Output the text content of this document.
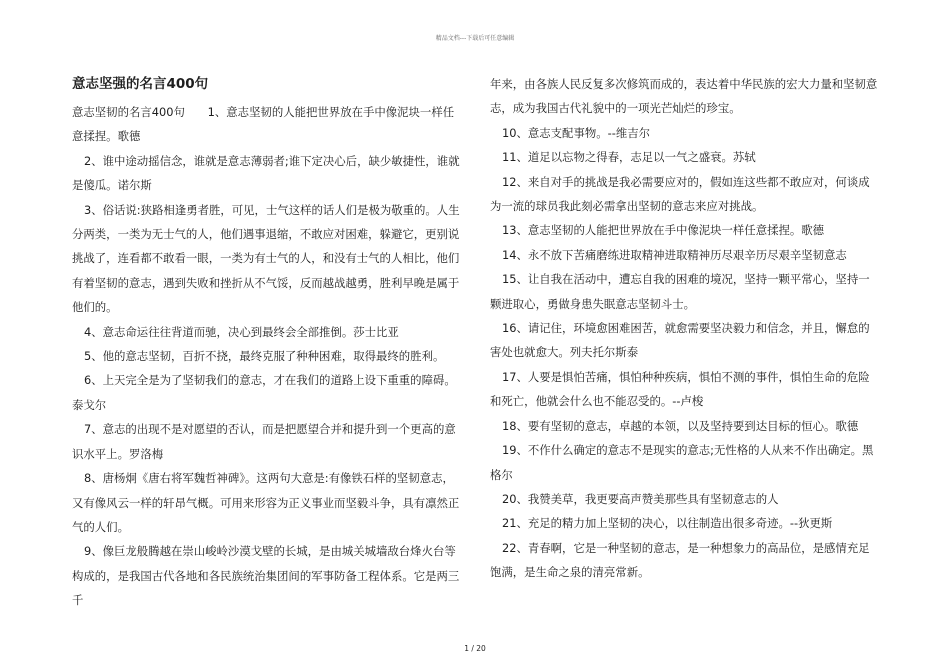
精品文档---下载后可任意编辑
意志坚强的名言400句

意志坚韧的名言400句　　1、意志坚韧的人能把世界放在手中像泥块一样任意揉捏。歌德

2、谁中途动摇信念，谁就是意志薄弱者;谁下定决心后，缺少敏捷性，谁就是傻瓜。诺尔斯

3、俗话说:狭路相逢勇者胜，可见，士气这样的话人们是极为敬重的。人生分两类，一类为无士气的人，他们遇事退缩，不敢应对困难，躲避它，更别说挑战了，连看都不敢看一眼，一类为有士气的人，和没有士气的人相比，他们有着坚韧的意志，遇到失败和挫折从不气馁，反而越战越勇，胜利早晚是属于他们的。

4、意志命运往往背道而驰，决心到最终会全部推倒。莎士比亚

5、他的意志坚韧，百折不挠，最终克服了种种困难，取得最终的胜利。

6、上天完全是为了坚韧我们的意志，才在我们的道路上设下重重的障碍。泰戈尔

7、意志的出现不是对愿望的否认，而是把愿望合并和提升到一个更高的意识水平上。罗洛梅

8、唐杨炯《唐右将军魏哲神碑》。这两句大意是:有像铁石样的坚韧意志，又有像风云一样的轩昂气概。可用来形容为正义事业而坚毅斗争，具有凛然正气的人们。

9、像巨龙般腾越在崇山峻岭沙漠戈壁的长城，是由城关城墙敌台烽火台等构成的，是我国古代各地和各民族统治集团间的军事防备工程体系。它是两三千

年来，由各族人民反复多次修筑而成的，表达着中华民族的宏大力量和坚韧意志，成为我国古代礼貌中的一项光芒灿烂的珍宝。

10、意志支配事物。--维吉尔

11、道足以忘物之得春，志足以一气之盛衰。苏轼

12、来自对手的挑战是我必需要应对的，假如连这些都不敢应对，何谈成为一流的球员我此刻必需拿出坚韧的意志来应对挑战。

13、意志坚韧的人能把世界放在手中像泥块一样任意揉捏。歌德

14、永不放下苦痛磨练进取精神进取精神历尽艰辛历尽艰辛坚韧意志

15、让自我在活动中，遭忘自我的困难的境况，坚持一颗平常心，坚持一颗进取心，勇做身患失眠意志坚韧斗士。

16、请记住，环境愈困难困苦，就愈需要坚决毅力和信念，并且，懈怠的害处也就愈大。列夫托尔斯泰

17、人要是惧怕苦痛，惧怕种种疾病，惧怕不测的事件，惧怕生命的危险和死亡，他就会什么也不能忍受的。--卢梭

18、要有坚韧的意志，卓越的本领，以及坚持要到达目标的恒心。歌德

19、不作什么确定的意志不是现实的意志;无性格的人从来不作出确定。黑格尔

20、我赞美草，我更要高声赞美那些具有坚韧意志的人

21、充足的精力加上坚韧的决心，以往制造出很多奇迹。--狄更斯

22、青春啊，它是一种坚韧的意志，是一种想象力的高品位，是感情充足饱满，是生命之泉的清亮常新。

1 / 20
